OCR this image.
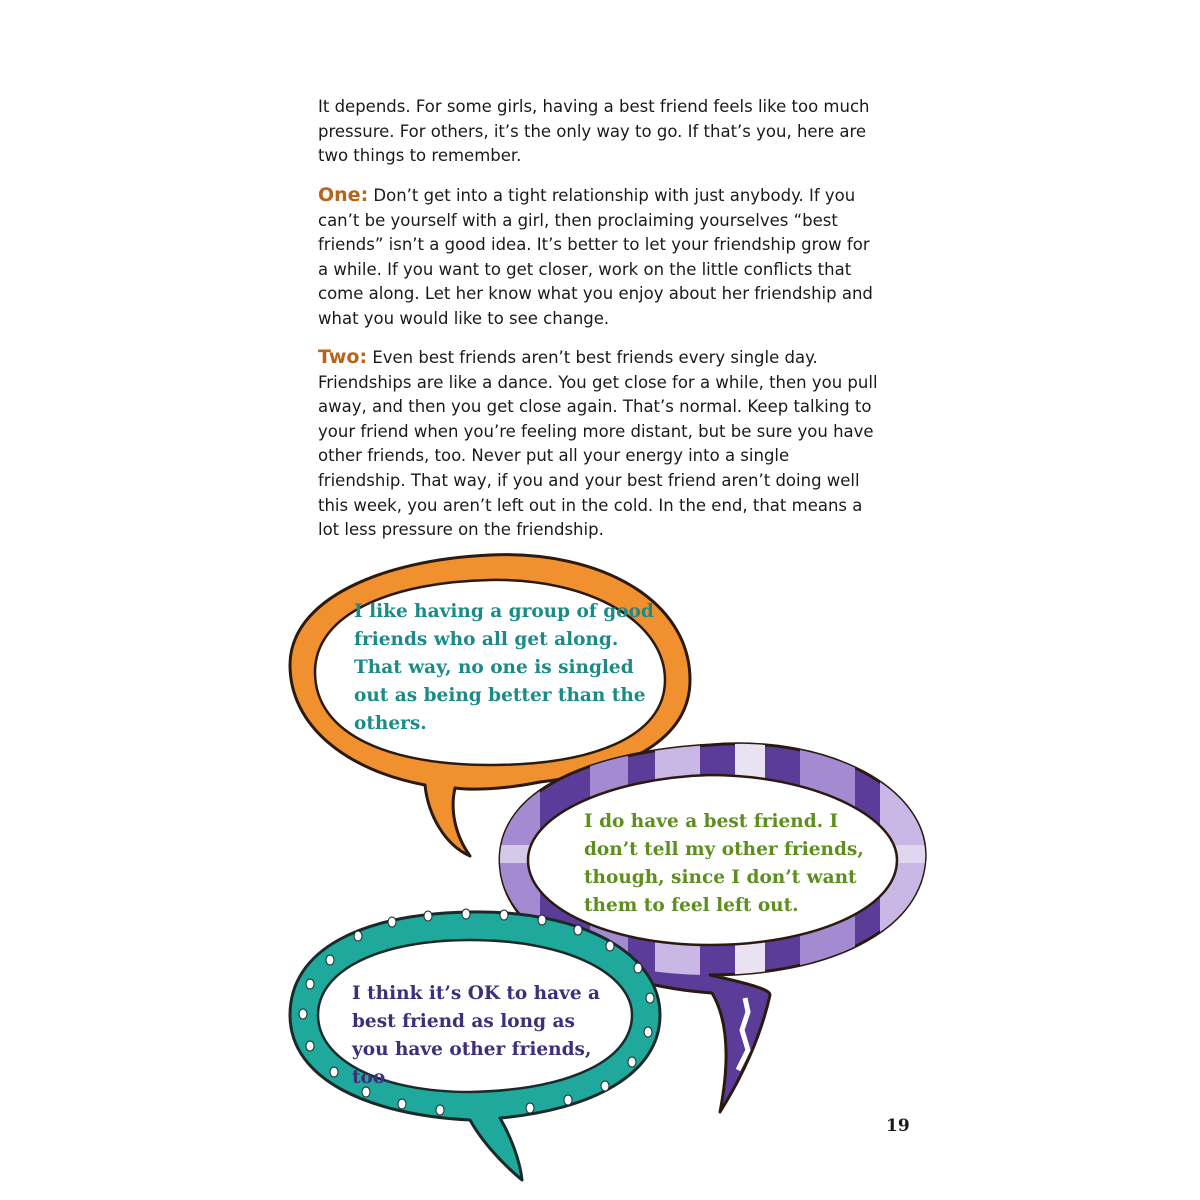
It depends. For some girls, having a best friend feels like too much pressure. For others, it’s the only way to go. If that’s you, here are two things to remember.

One: Don’t get into a tight relationship with just anybody. If you can’t be yourself with a girl, then proclaiming yourselves “best friends” isn’t a good idea. It’s better to let your friendship grow for a while. If you want to get closer, work on the little conflicts that come along. Let her know what you enjoy about her friendship and what you would like to see change.

Two: Even best friends aren’t best friends every single day. Friendships are like a dance. You get close for a while, then you pull away, and then you get close again. That’s normal. Keep talking to your friend when you’re feeling more distant, but be sure you have other friends, too. Never put all your energy into a single friendship. That way, if you and your best friend aren’t doing well this week, you aren’t left out in the cold. In the end, that means a lot less pressure on the friendship.

I like having a group of good friends who all get along. That way, no one is singled out as being better than the others.

I do have a best friend. I don’t tell my other friends, though, since I don’t want them to feel left out.

I think it’s OK to have a best friend as long as you have other friends, too.

19
